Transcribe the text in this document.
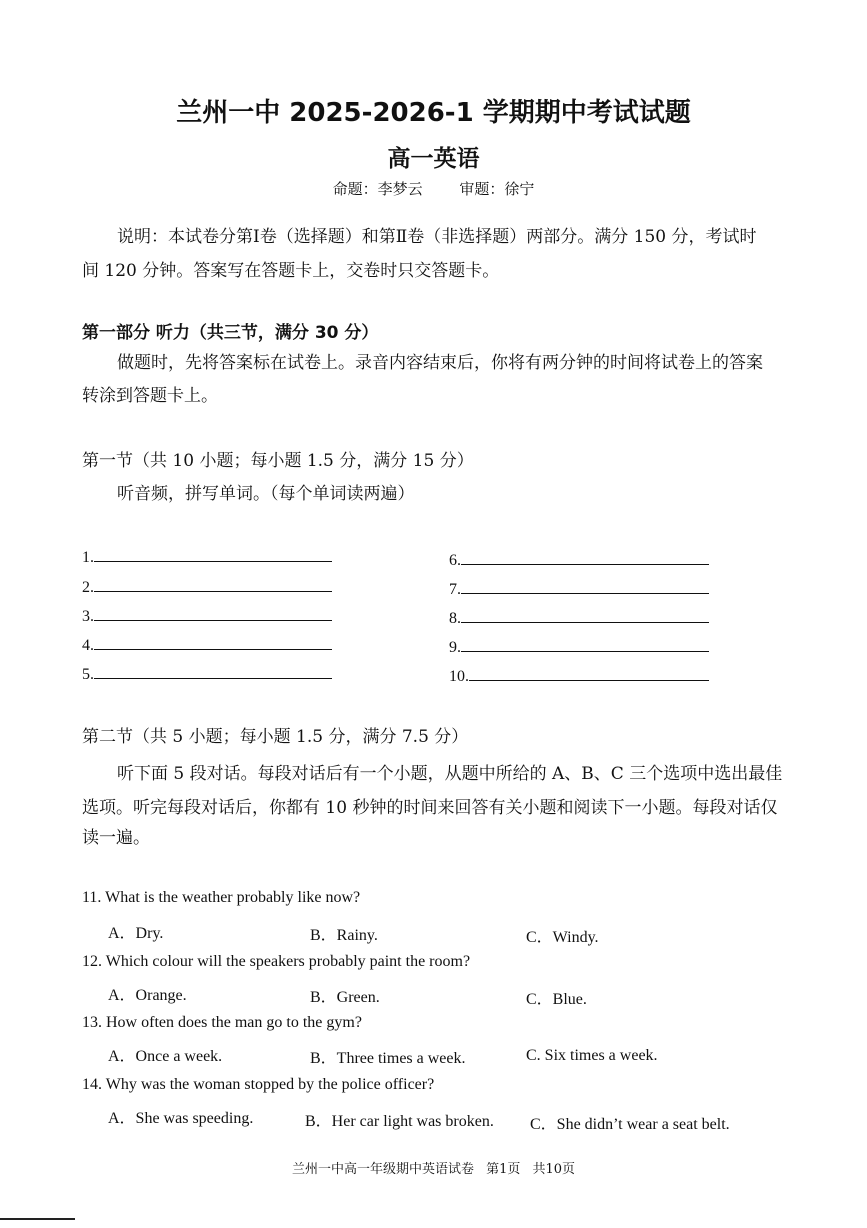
兰州一中 2025-2026-1 学期期中考试试题
高一英语
命题：李梦云 审题：徐宁
说明：本试卷分第Ⅰ卷（选择题）和第Ⅱ卷（非选择题）两部分。满分 150 分，考试时
间 120 分钟。答案写在答题卡上，交卷时只交答题卡。
第一部分 听力（共三节，满分 30 分）
做题时，先将答案标在试卷上。录音内容结束后，你将有两分钟的时间将试卷上的答案
转涂到答题卡上。
第一节（共 10 小题；每小题 1.5 分，满分 15 分）
听音频，拼写单词。（每个单词读两遍）
1.
2.
3.
4.
5.
6.
7.
8.
9.
10.
第二节（共 5 小题；每小题 1.5 分，满分 7.5 分）
听下面 5 段对话。每段对话后有一个小题，从题中所给的 A、B、C 三个选项中选出最佳
选项。听完每段对话后，你都有 10 秒钟的时间来回答有关小题和阅读下一小题。每段对话仅
读一遍。
11. What is the weather probably like now?
A．Dry.	B．Rainy.	C．Windy.
12. Which colour will the speakers probably paint the room?
A．Orange.	B．Green.	C．Blue.
13. How often does the man go to the gym?
A．Once a week.	B．Three times a week.	C. Six times a week.
14. Why was the woman stopped by the police officer?
A．She was speeding.	B．Her car light was broken. C．She didn’t wear a seat belt.
兰州一中高一年级期中英语试卷 第1页 共10页
